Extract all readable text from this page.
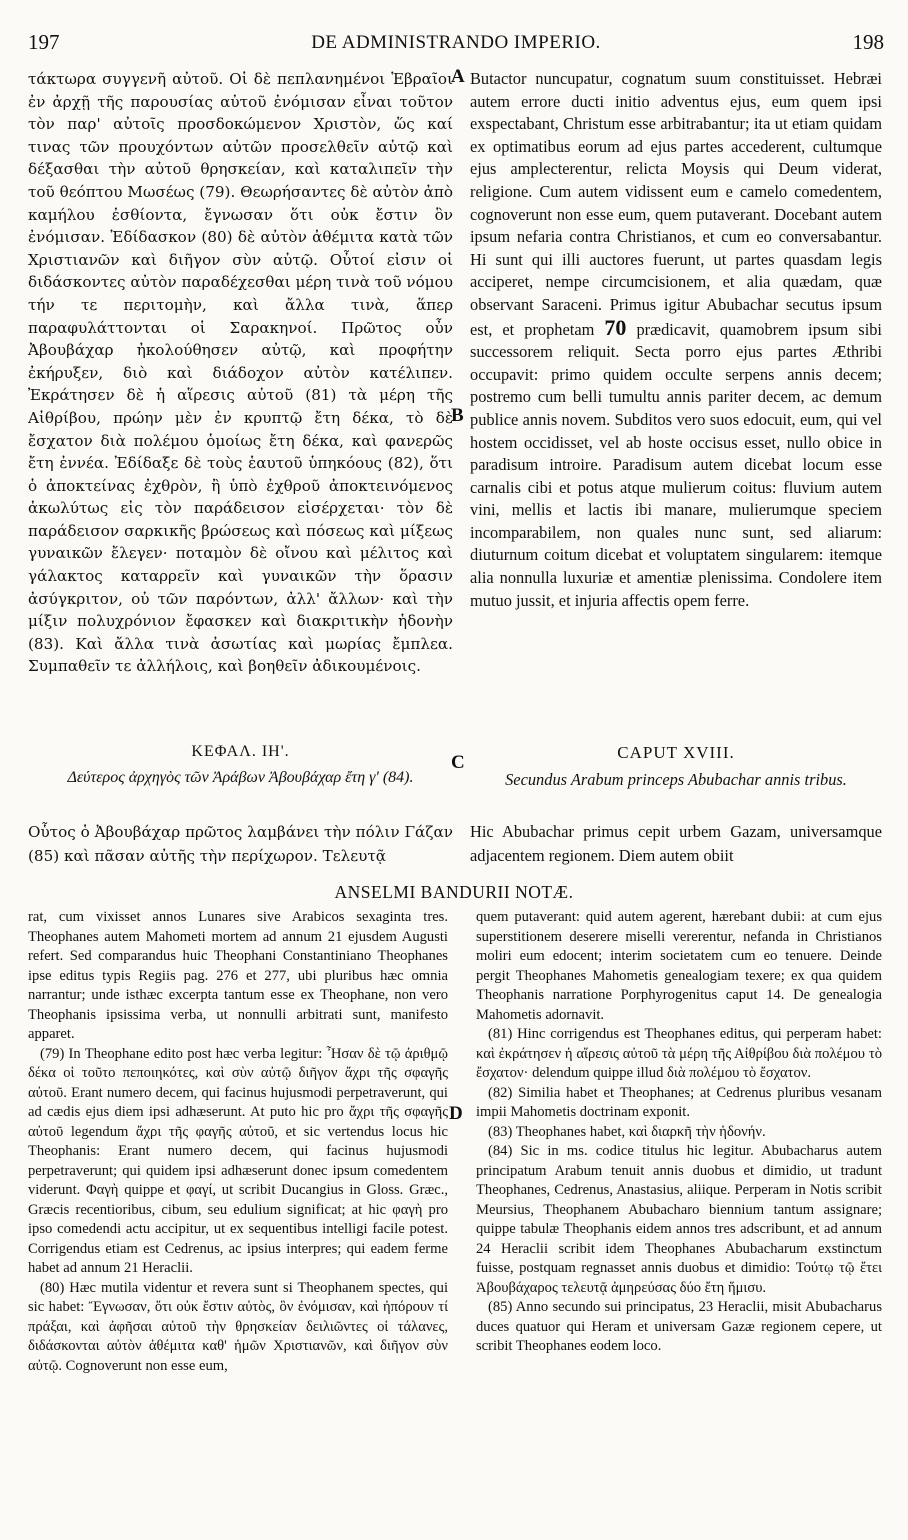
197	DE ADMINISTRANDO IMPERIO.	198
τάκτωρα συγγενῆ αὐτοῦ. Οἱ δὲ πεπλανημένοι Ἑβραῖοι ἐν ἀρχῇ τῆς παρουσίας αὐτοῦ ἐνόμισαν εἶναι τοῦτον τὸν παρ' αὐτοῖς προσδοκώμενον Χριστὸν, ὥς καί τινας τῶν προυχόντων αὐτῶν προσελθεῖν αὐτῷ καὶ δέξασθαι τὴν αὐτοῦ θρησκείαν, καὶ καταλιπεῖν τὴν τοῦ θεόπτου Μωσέως (79). Θεωρήσαντες δὲ αὐτὸν ἀπὸ καμήλου ἐσθίοντα, ἔγνωσαν ὅτι οὐκ ἔστιν ὃν ἐνόμισαν. Ἐδίδασκον (80) δὲ αὐτὸν ἀθέμιτα κατὰ τῶν Χριστιανῶν καὶ διῆγον σὺν αὐτῷ. Οὗτοί εἰσιν οἱ διδάσκοντες αὐτὸν παραδέχεσθαι μέρη τινὰ τοῦ νόμου τήν τε περιτομὴν, καὶ ἄλλα τινὰ, ἅπερ παραφυλάττονται οἱ Σαρακηνοί. Πρῶτος οὖν Ἀβουβάχαρ ἠκολούθησεν αὐτῷ, καὶ προφήτην ἐκήρυξεν, διὸ καὶ διάδοχον αὐτὸν κατέλιπεν. Ἐκράτησεν δὲ ἡ αἵρεσις αὐτοῦ (81) τὰ μέρη τῆς Αἰθρίβου, πρώην μὲν ἐν κρυπτῷ ἔτη δέκα, τὸ δὲ ἔσχατον διὰ πολέμου ὁμοίως ἔτη δέκα, καὶ φανερῶς ἔτη ἐννέα. Ἐδίδαξε δὲ τοὺς ἑαυτοῦ ὑπηκόους (82), ὅτι ὁ ἀποκτείνας ἐχθρὸν, ἢ ὑπὸ ἐχθροῦ ἀποκτεινόμενος ἀκωλύτως εἰς τὸν παράδεισον εἰσέρχεται· τὸν δὲ παράδεισον σαρκικῆς βρώσεως καὶ πόσεως καὶ μίξεως γυναικῶν ἔλεγεν· ποταμὸν δὲ οἴνου καὶ μέλιτος καὶ γάλακτος καταρρεῖν καὶ γυναικῶν τὴν ὅρασιν ἀσύγκριτον, οὐ τῶν παρόντων, ἀλλ' ἄλλων· καὶ τὴν μίξιν πολυχρόνιον ἔφασκεν καὶ διακριτικὴν ἡδονὴν (83). Καὶ ἄλλα τινὰ ἀσωτίας καὶ μωρίας ἔμπλεα. Συμπαθεῖν τε ἀλλήλοις, καὶ βοηθεῖν ἀδικουμένοις.
A Butactor nuncupatur, cognatum suum constituisset. Hebræi autem errore ducti initio adventus ejus, eum quem ipsi exspectabant, Christum esse arbitrabantur; ita ut etiam quidam ex optimatibus eorum ad ejus partes accederent, cultumque ejus amplecterentur, relicta Moysis qui Deum viderat, religione. Cum autem vidissent eum e camelo comedentem, cognoverunt non esse eum, quem putaverant. Docebant autem ipsum nefaria contra Christianos, et cum eo conversabantur. Hi sunt qui illi auctores fuerunt, ut partes quasdam legis acciperet, nempe circumcisionem, et alia quædam, quæ observant Saraceni. Primus igitur Abubachar secutus ipsum est, et prophetam 70 prædicavit, quamobrem ipsum sibi successorem reliquit. Secta porro ejus partes Æthribi occupavit: primo quidem occulte serpens annis decem; postremo cum belli tumultu annis pariter decem, ac demum publice annis novem. Subditos vero suos edocuit, eum, qui vel hostem occidisset, vel ab hoste occisus esset, nullo obice in paradisum introire. Paradisum autem dicebat locum esse carnalis cibi et potus atque mulierum coitus: fluvium autem vini, mellis et lactis ibi manare, mulierumque speciem incomparabilem, non quales nunc sunt, sed aliarum: diuturnum coitum dicebat et voluptatem singularem: itemque alia nonnulla luxuriæ et amentiæ plenissima. Condolere item mutuo jussit, et injuria affectis opem ferre.
B
ΚΕΦΑΛ. ΙΗ'.
Δεύτερος ἀρχηγὸς τῶν Ἀράβων Ἀβουβάχαρ ἔτη γ' (84).
CAPUT XVIII.
Secundus Arabum princeps Abubachar annis tribus.
C
Οὗτος ὁ Ἀβουβάχαρ πρῶτος λαμβάνει τὴν πόλιν Γάζαν (85) καὶ πᾶσαν αὐτῆς τὴν περίχωρον. Τελευτᾷ
Hic Abubachar primus cepit urbem Gazam, universamque adjacentem regionem. Diem autem obiit
ANSELMI BANDURII NOTÆ.

rat, cum vixisset annos Lunares sive Arabicos sexaginta tres. Theophanes autem Mahometi mortem ad annum 21 ejusdem Augusti refert. Sed comparandus huic Theophani Constantiniano Theophanes ipse editus typis Regiis pag. 276 et 277, ubi pluribus hæc omnia narrantur; unde isthæc excerpta tantum esse ex Theophane, non vero Theophanis ipsissima verba, ut nonnulli arbitrati sunt, manifesto apparet.

(79) In Theophane edito post hæc verba legitur: Ἦσαν δὲ τῷ ἀριθμῷ δέκα οἱ τοῦτο πεποιηκότες, καὶ σὺν αὐτῷ διῆγον ἄχρι τῆς σφαγῆς αὐτοῦ. Erant numero decem, qui facinus hujusmodi perpetraverunt, qui ad cædis ejus diem ipsi adhæserunt. At puto hic pro ἄχρι τῆς σφαγῆς αὐτοῦ legendum ἄχρι τῆς φαγῆς αὐτοῦ, et sic vertendus locus hic Theophanis: Erant numero decem, qui facinus hujusmodi perpetraverunt; qui quidem ipsi adhæserunt donec ipsum comedentem viderunt. Φαγὴ quippe et φαγί, ut scribit Ducangius in Gloss. Græc., Græcis recentioribus, cibum, seu edulium significat; at hic φαγὴ pro ipso comedendi actu accipitur, ut ex sequentibus intelligi facile potest. Corrigendus etiam est Cedrenus, ac ipsius interpres; qui eadem ferme habet ad annum 21 Heraclii.

(80) Hæc mutila videntur et revera sunt si Theophanem spectes, qui sic habet: Ἔγνωσαν, ὅτι οὐκ ἔστιν αὐτὸς, ὃν ἐνόμισαν, καὶ ἠπόρουν τί πράξαι, καὶ ἀφῆσαι αὐτοῦ τὴν θρησκείαν δειλιῶντες οἱ τάλανες, διδάσκονται αὐτὸν ἀθέμιτα καθ' ἡμῶν Χριστιανῶν, καὶ διῆγον σὺν αὐτῷ. Cognoverunt non esse eum,

D

quem putaverant: quid autem agerent, hærebant dubii: at cum ejus superstitionem deserere miselli vererentur, nefanda in Christianos moliri eum edocent; interim societatem cum eo tenuere. Deinde pergit Theophanes Mahometis genealogiam texere; ex qua quidem Theophanis narratione Porphyrogenitus caput 14. De genealogia Mahometis adornavit.

(81) Hinc corrigendus est Theophanes editus, qui perperam habet: καὶ ἐκράτησεν ἡ αἵρεσις αὐτοῦ τὰ μέρη τῆς Αἰθρίβου διὰ πολέμου τὸ ἔσχατον· delendum quippe illud διὰ πολέμου τὸ ἔσχατον.

(82) Similia habet et Theophanes; at Cedrenus pluribus vesanam impii Mahometis doctrinam exponit.

(83) Theophanes habet, καὶ διαρκῆ τὴν ἡδονήν.

(84) Sic in ms. codice titulus hic legitur. Abubacharus autem principatum Arabum tenuit annis duobus et dimidio, ut tradunt Theophanes, Cedrenus, Anastasius, aliique. Perperam in Notis scribit Meursius, Theophanem Abubacharo biennium tantum assignare; quippe tabulæ Theophanis eidem annos tres adscribunt, et ad annum 24 Heraclii scribit idem Theophanes Abubacharum exstinctum fuisse, postquam regnasset annis duobus et dimidio: Τούτῳ τῷ ἔτει Ἀβουβάχαρος τελευτᾷ ἀμηρεύσας δύο ἔτη ἥμισυ.

(85) Anno secundo sui principatus, 23 Heraclii, misit Abubacharus duces quatuor qui Heram et universam Gazæ regionem cepere, ut scribit Theophanes eodem loco.
